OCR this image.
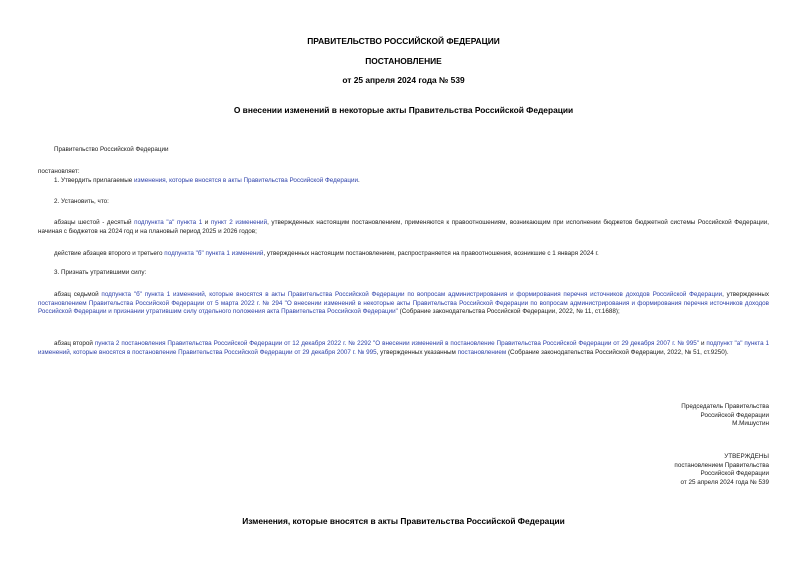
ПРАВИТЕЛЬСТВО РОССИЙСКОЙ ФЕДЕРАЦИИ
ПОСТАНОВЛЕНИЕ
от 25 апреля 2024 года № 539
О внесении изменений в некоторые акты Правительства Российской Федерации
Правительство Российской Федерации
постановляет:
1. Утвердить прилагаемые изменения, которые вносятся в акты Правительства Российской Федерации.
2. Установить, что:
абзацы шестой - десятый подпункта "а" пункта 1 и пункт 2 изменений, утвержденных настоящим постановлением, применяются к правоотношениям, возникающим при исполнении бюджетов бюджетной системы Российской Федерации, начиная с бюджетов на 2024 год и на плановый период 2025 и 2026 годов;
действие абзацев второго и третьего подпункта "б" пункта 1 изменений, утвержденных настоящим постановлением, распространяется на правоотношения, возникшие с 1 января 2024 г.
3. Признать утратившими силу:
абзац седьмой подпункта "б" пункта 1 изменений, которые вносятся в акты Правительства Российской Федерации по вопросам администрирования и формирования перечня источников доходов Российской Федерации, утвержденных постановлением Правительства Российской Федерации от 5 марта 2022 г. № 294 "О внесении изменений в некоторые акты Правительства Российской Федерации по вопросам администрирования и формирования перечня источников доходов Российской Федерации и признании утратившим силу отдельного положения акта Правительства Российской Федерации" (Собрание законодательства Российской Федерации, 2022, № 11, ст.1688);
абзац второй пункта 2 постановления Правительства Российской Федерации от 12 декабря 2022 г. № 2292 "О внесении изменений в постановление Правительства Российской Федерации от 29 декабря 2007 г. № 995" и подпункт "а" пункта 1 изменений, которые вносятся в постановление Правительства Российской Федерации от 29 декабря 2007 г. № 995, утвержденных указанным постановлением (Собрание законодательства Российской Федерации, 2022, № 51, ст.9250).
Председатель Правительства
Российской Федерации
М.Мишустин
УТВЕРЖДЕНЫ
постановлением Правительства
Российской Федерации
от 25 апреля 2024 года № 539
Изменения, которые вносятся в акты Правительства Российской Федерации
